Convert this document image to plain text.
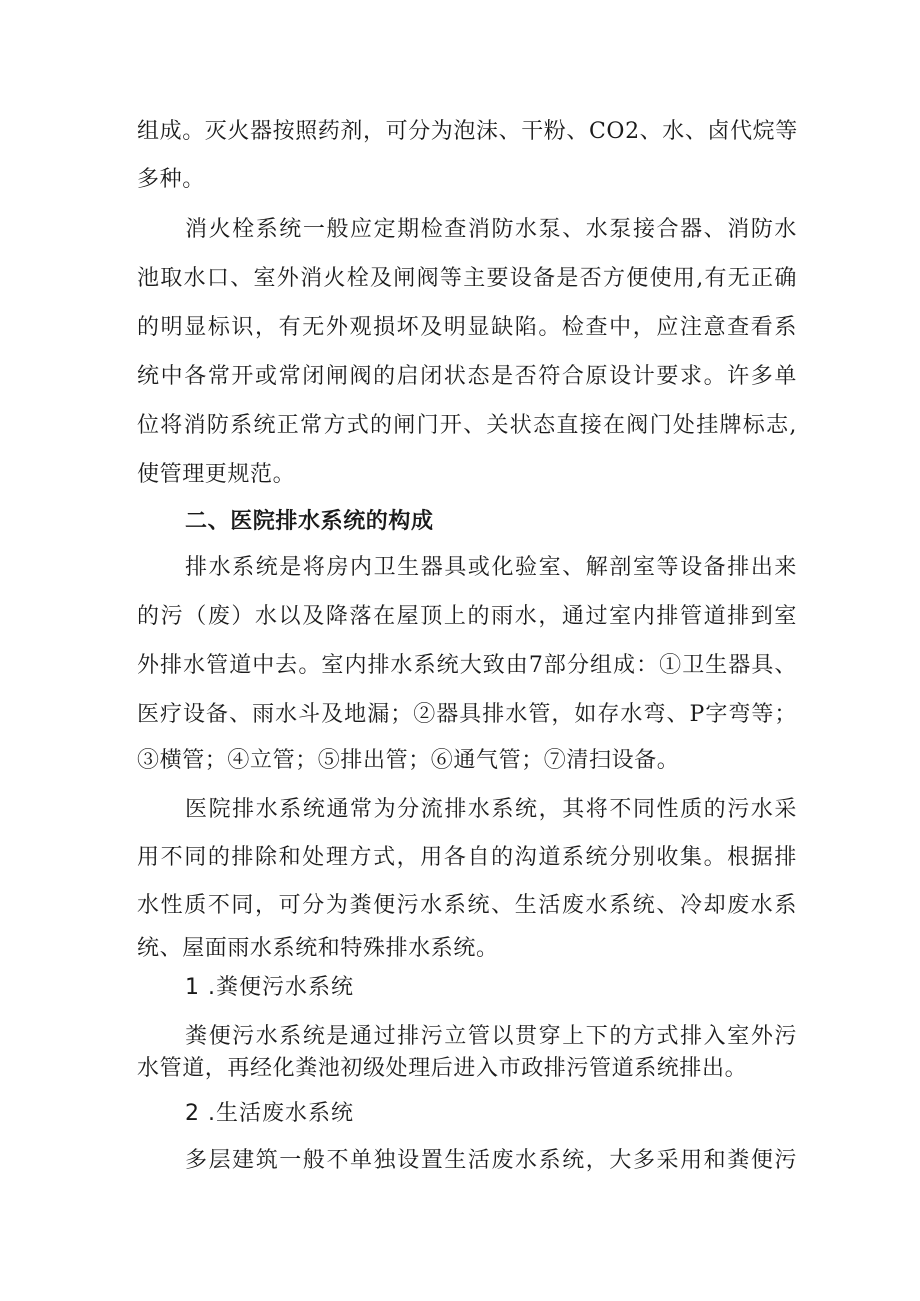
组成。灭火器按照药剂，可分为泡沫、干粉、CO2、水、卤代烷等
多种。
消火栓系统一般应定期检查消防水泵、水泵接合器、消防水
池取水口、室外消火栓及闸阀等主要设备是否方便使用,有无正确
的明显标识，有无外观损坏及明显缺陷。检查中，应注意查看系
统中各常开或常闭闸阀的启闭状态是否符合原设计要求。许多单
位将消防系统正常方式的闸门开、关状态直接在阀门处挂牌标志,
使管理更规范。
二、医院排水系统的构成
排水系统是将房内卫生器具或化验室、解剖室等设备排出来
的污（废）水以及降落在屋顶上的雨水，通过室内排管道排到室
外排水管道中去。室内排水系统大致由7部分组成：①卫生器具、
医疗设备、雨水斗及地漏；②器具排水管，如存水弯、P字弯等；
③横管；④立管；⑤排出管；⑥通气管；⑦清扫设备。
医院排水系统通常为分流排水系统，其将不同性质的污水采
用不同的排除和处理方式，用各自的沟道系统分别收集。根据排
水性质不同，可分为粪便污水系统、生活废水系统、冷却废水系
统、屋面雨水系统和特殊排水系统。
1 .粪便污水系统
粪便污水系统是通过排污立管以贯穿上下的方式排入室外污
水管道，再经化粪池初级处理后进入市政排污管道系统排出。
2 .生活废水系统
多层建筑一般不单独设置生活废水系统，大多采用和粪便污
